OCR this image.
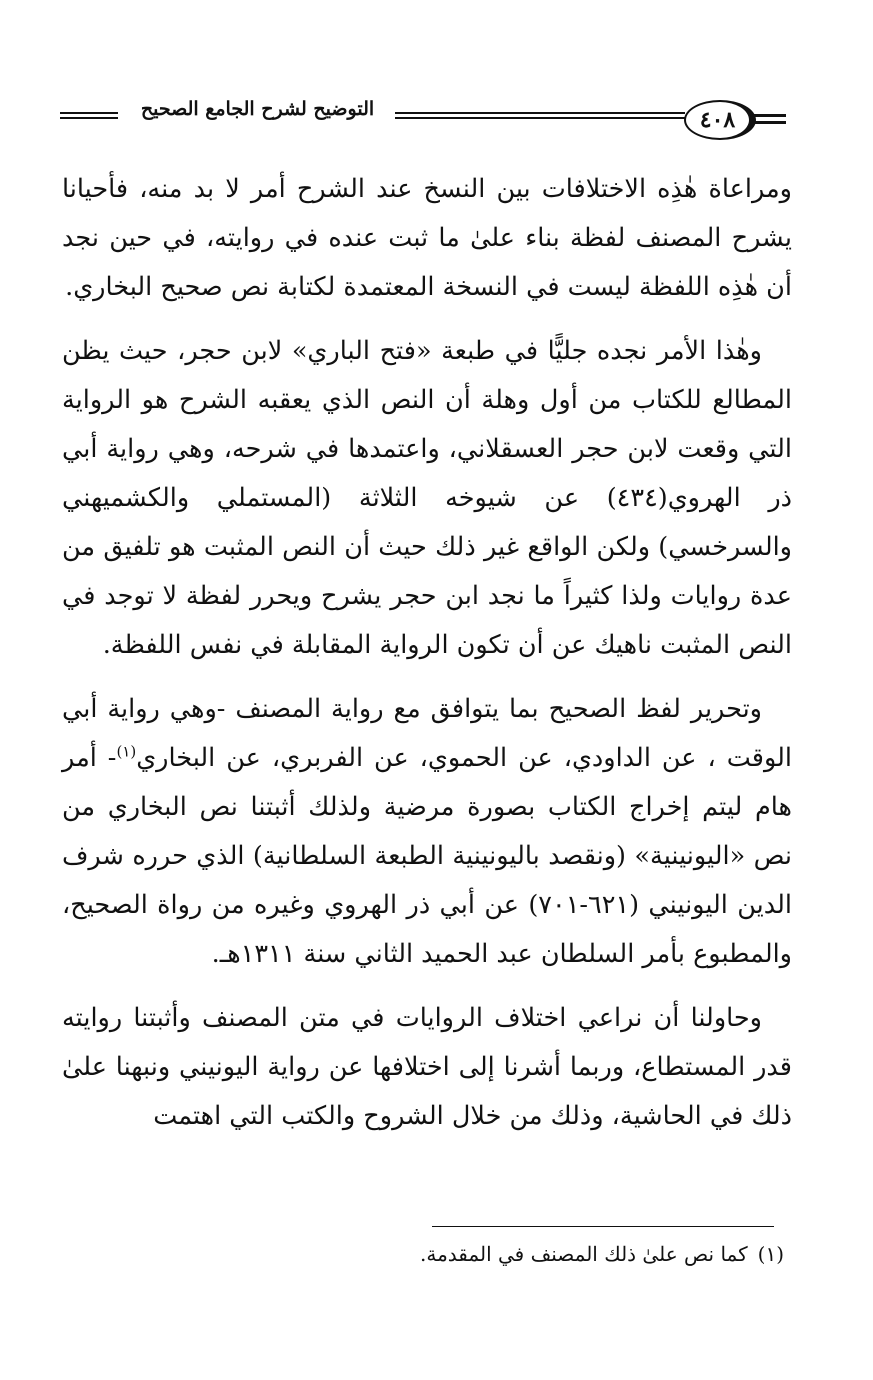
التوضيح لشرح الجامع الصحيح	٤٠٨

ومراعاة هٰذِه الاختلافات بين النسخ عند الشرح أمر لا بد منه، فأحيانا يشرح المصنف لفظة بناء علىٰ ما ثبت عنده في روايته، في حين نجد أن هٰذِه اللفظة ليست في النسخة المعتمدة لكتابة نص صحيح البخاري.

وهٰذا الأمر نجده جليًّا في طبعة «فتح الباري» لابن حجر، حيث يظن المطالع للكتاب من أول وهلة أن النص الذي يعقبه الشرح هو الرواية التي وقعت لابن حجر العسقلاني، واعتمدها في شرحه، وهي رواية أبي ذر الهروي(٤٣٤) عن شيوخه الثلاثة (المستملي والكشميهني والسرخسي) ولكن الواقع غير ذلك حيث أن النص المثبت هو تلفيق من عدة روايات ولذا كثيراً ما نجد ابن حجر يشرح ويحرر لفظة لا توجد في النص المثبت ناهيك عن أن تكون الرواية المقابلة في نفس اللفظة.

وتحرير لفظ الصحيح بما يتوافق مع رواية المصنف -وهي رواية أبي الوقت ، عن الداودي، عن الحموي، عن الفربري، عن البخاري$^{(١)}$- أمر هام ليتم إخراج الكتاب بصورة مرضية ولذلك أثبتنا نص البخاري من نص «اليونينية» (ونقصد باليونينية الطبعة السلطانية) الذي حرره شرف الدين اليونيني (٦٢١-٧٠١) عن أبي ذر الهروي وغيره من رواة الصحيح، والمطبوع بأمر السلطان عبد الحميد الثاني سنة ١٣١١هـ.

وحاولنا أن نراعي اختلاف الروايات في متن المصنف وأثبتنا روايته قدر المستطاع، وربما أشرنا إلى اختلافها عن رواية اليونيني ونبهنا علىٰ ذلك في الحاشية، وذلك من خلال الشروح والكتب التي اهتمت

(١)كما نص علىٰ ذلك المصنف في المقدمة.
